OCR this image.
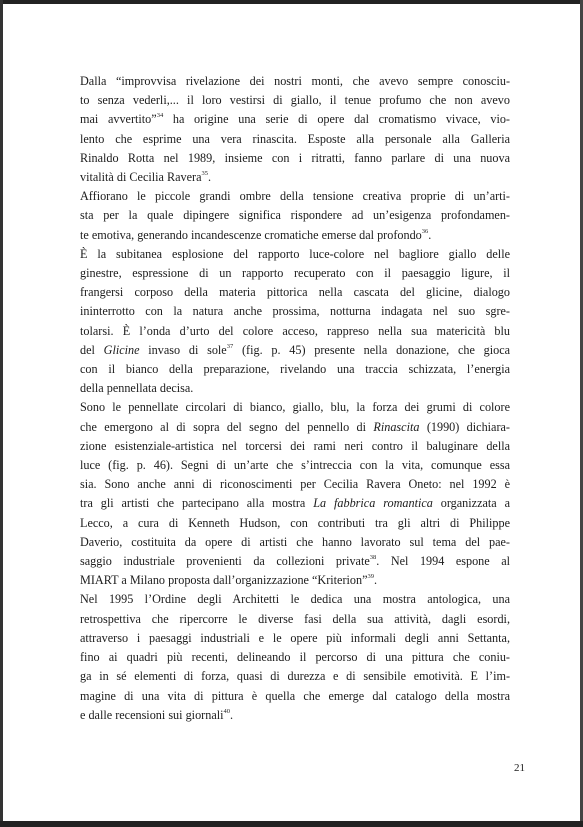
Dalla “improvvisa rivelazione dei nostri monti, che avevo sempre conosciu-
to senza vederli,... il loro vestirsi di giallo, il tenue profumo che non avevo
mai avvertito”$^{34}$ ha origine una serie di opere dal cromatismo vivace, vio-
lento che esprime una vera rinascita. Esposte alla personale alla Galleria
Rinaldo Rotta nel 1989, insieme con i ritratti, fanno parlare di una nuova
vitalità di Cecilia Ravera$^{35}$.
Affiorano le piccole grandi ombre della tensione creativa proprie di un’arti-
sta per la quale dipingere significa rispondere ad un’esigenza profondamen-
te emotiva, generando incandescenze cromatiche emerse dal profondo$^{36}$.
È la subitanea esplosione del rapporto luce-colore nel bagliore giallo delle
ginestre, espressione di un rapporto recuperato con il paesaggio ligure, il
frangersi corposo della materia pittorica nella cascata del glicine, dialogo
ininterrotto con la natura anche prossima, notturna indagata nel suo sgre-
tolarsi. È l’onda d’urto del colore acceso, rappreso nella sua matericità blu
del Glicine invaso di sole$^{37}$ (fig. p. 45) presente nella donazione, che gioca
con il bianco della preparazione, rivelando una traccia schizzata, l’energia
della pennellata decisa.
Sono le pennellate circolari di bianco, giallo, blu, la forza dei grumi di colore
che emergono al di sopra del segno del pennello di Rinascita (1990) dichiara-
zione esistenziale-artistica nel torcersi dei rami neri contro il baluginare della
luce (fig. p. 46). Segni di un’arte che s’intreccia con la vita, comunque essa
sia. Sono anche anni di riconoscimenti per Cecilia Ravera Oneto: nel 1992 è
tra gli artisti che partecipano alla mostra La fabbrica romantica organizzata a
Lecco, a cura di Kenneth Hudson, con contributi tra gli altri di Philippe
Daverio, costituita da opere di artisti che hanno lavorato sul tema del pae-
saggio industriale provenienti da collezioni private$^{38}$. Nel 1994 espone al
MIART a Milano proposta dall’organizzazione “Kriterion”$^{39}$.
Nel 1995 l’Ordine degli Architetti le dedica una mostra antologica, una
retrospettiva che ripercorre le diverse fasi della sua attività, dagli esordi,
attraverso i paesaggi industriali e le opere più informali degli anni Settanta,
fino ai quadri più recenti, delineando il percorso di una pittura che coniu-
ga in sé elementi di forza, quasi di durezza e di sensibile emotività. E l’im-
magine di una vita di pittura è quella che emerge dal catalogo della mostra
e dalle recensioni sui giornali$^{40}$.
21
